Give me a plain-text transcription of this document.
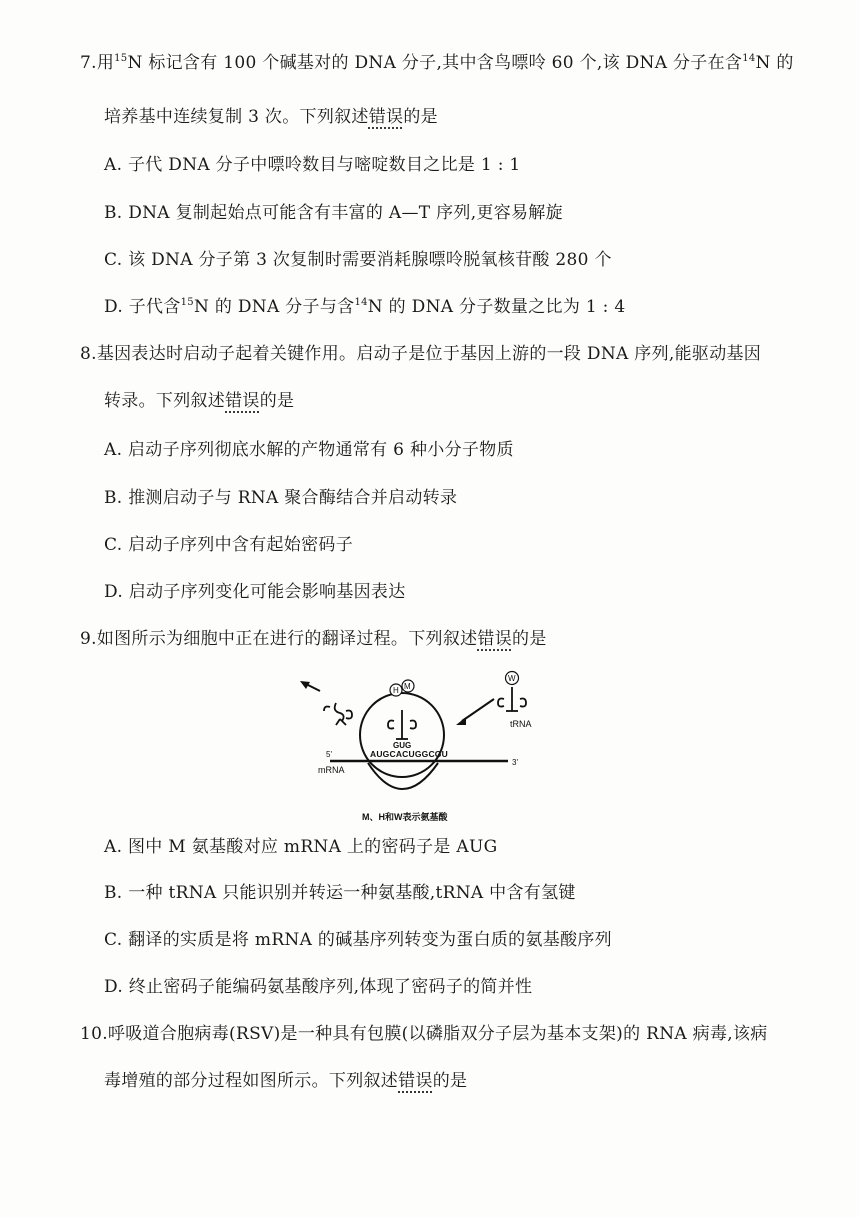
7.用$^{15}$N 标记含有 100 个碱基对的 DNA 分子,其中含鸟嘌呤 60 个,该 DNA 分子在含$^{14}$N 的
培养基中连续复制 3 次。下列叙述错误的是
A. 子代 DNA 分子中嘌呤数目与嘧啶数目之比是 1 : 1
B. DNA 复制起始点可能含有丰富的 A—T 序列,更容易解旋
C. 该 DNA 分子第 3 次复制时需要消耗腺嘌呤脱氧核苷酸 280 个
D. 子代含$^{15}$N 的 DNA 分子与含$^{14}$N 的 DNA 分子数量之比为 1 : 4
8.基因表达时启动子起着关键作用。启动子是位于基因上游的一段 DNA 序列,能驱动基因
转录。下列叙述错误的是
A. 启动子序列彻底水解的产物通常有 6 种小分子物质
B. 推测启动子与 RNA 聚合酶结合并启动转录
C. 启动子序列中含有起始密码子
D. 启动子序列变化可能会影响基因表达
9.如图所示为细胞中正在进行的翻译过程。下列叙述错误的是
5'
3'
mRNA
AUGCACUGGCGU
GUG
H M
W
tRNA
M、H和W表示氨基酸
A. 图中 M 氨基酸对应 mRNA 上的密码子是 AUG
B. 一种 tRNA 只能识别并转运一种氨基酸,tRNA 中含有氢键
C. 翻译的实质是将 mRNA 的碱基序列转变为蛋白质的氨基酸序列
D. 终止密码子能编码氨基酸序列,体现了密码子的简并性
10.呼吸道合胞病毒(RSV)是一种具有包膜(以磷脂双分子层为基本支架)的 RNA 病毒,该病
毒增殖的部分过程如图所示。下列叙述错误的是
